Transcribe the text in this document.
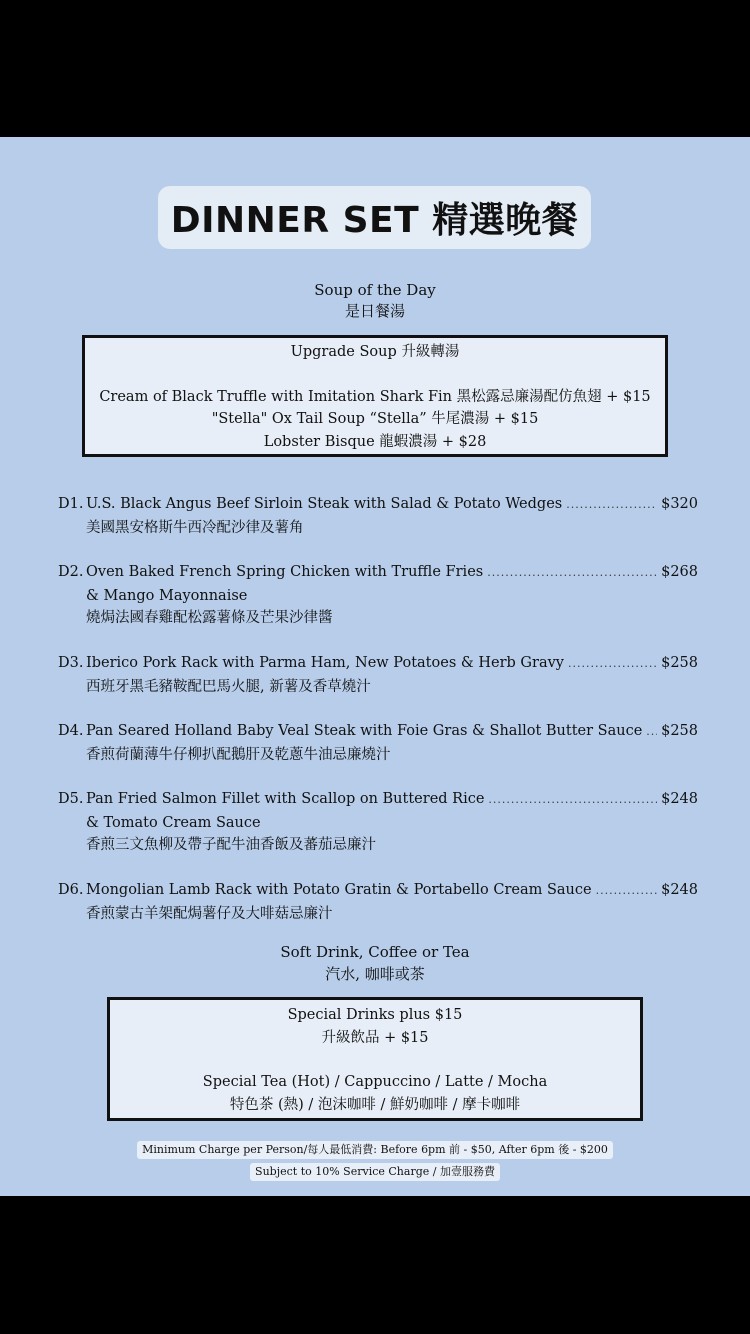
DINNER SET 精選晚餐
Soup of the Day
是日餐湯
Upgrade Soup 升級轉湯
Cream of Black Truffle with Imitation Shark Fin 黑松露忌廉湯配仿魚翅 + $15
"Stella" Ox Tail Soup “Stella” 牛尾濃湯 + $15
Lobster Bisque 龍蝦濃湯 + $28
D1. U.S. Black Angus Beef Sirloin Steak with Salad & Potato Wedges .....	$320
美國黑安格斯牛西冷配沙律及薯角
D2. Oven Baked French Spring Chicken with Truffle Fries .....	$268
& Mango Mayonnaise
燒焗法國春雞配松露薯條及芒果沙律醬
D3. Iberico Pork Rack with Parma Ham, New Potatoes & Herb Gravy .....	$258
西班牙黑毛豬鞍配巴馬火腿, 新薯及香草燒汁
D4. Pan Seared Holland Baby Veal Steak with Foie Gras & Shallot Butter Sauce ..... $258
香煎荷蘭薄牛仔柳扒配鵝肝及乾蔥牛油忌廉燒汁
D5. Pan Fried Salmon Fillet with Scallop on Buttered Rice .....	$248
& Tomato Cream Sauce
香煎三文魚柳及帶子配牛油香飯及蕃茄忌廉汁
D6. Mongolian Lamb Rack with Potato Gratin & Portabello Cream Sauce .....	$248
香煎蒙古羊架配焗薯仔及大啡菇忌廉汁
Soft Drink, Coffee or Tea
汽水, 咖啡或茶
Special Drinks plus $15
升級飲品 + $15
Special Tea (Hot) / Cappuccino / Latte / Mocha
特色茶 (熱) / 泡沫咖啡 / 鮮奶咖啡 / 摩卡咖啡
Minimum Charge per Person/每人最低消費: Before 6pm 前 - $50, After 6pm 後 - $200
Subject to 10% Service Charge / 加壹服務費
